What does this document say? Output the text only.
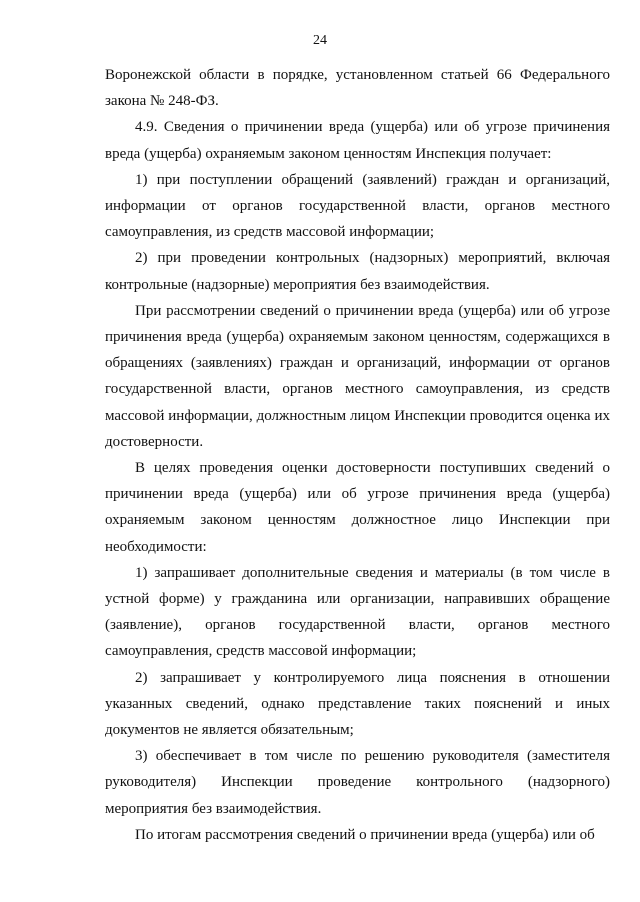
24

Воронежской области в порядке, установленном статьей 66 Федерального закона № 248-ФЗ.

4.9. Сведения о причинении вреда (ущерба) или об угрозе причинения вреда (ущерба) охраняемым законом ценностям Инспекция получает:

1) при поступлении обращений (заявлений) граждан и организаций, информации от органов государственной власти, органов местного самоуправления, из средств массовой информации;

2) при проведении контрольных (надзорных) мероприятий, включая контрольные (надзорные) мероприятия без взаимодействия.

При рассмотрении сведений о причинении вреда (ущерба) или об угрозе причинения вреда (ущерба) охраняемым законом ценностям, содержащихся в обращениях (заявлениях) граждан и организаций, информации от органов государственной власти, органов местного самоуправления, из средств массовой информации, должностным лицом Инспекции проводится оценка их достоверности.

В целях проведения оценки достоверности поступивших сведений о причинении вреда (ущерба) или об угрозе причинения вреда (ущерба) охраняемым законом ценностям должностное лицо Инспекции при необходимости:

1) запрашивает дополнительные сведения и материалы (в том числе в устной форме) у гражданина или организации, направивших обращение (заявление), органов государственной власти, органов местного самоуправления, средств массовой информации;

2) запрашивает у контролируемого лица пояснения в отношении указанных сведений, однако представление таких пояснений и иных документов не является обязательным;

3) обеспечивает в том числе по решению руководителя (заместителя руководителя) Инспекции проведение контрольного (надзорного) мероприятия без взаимодействия.

По итогам рассмотрения сведений о причинении вреда (ущерба) или об
